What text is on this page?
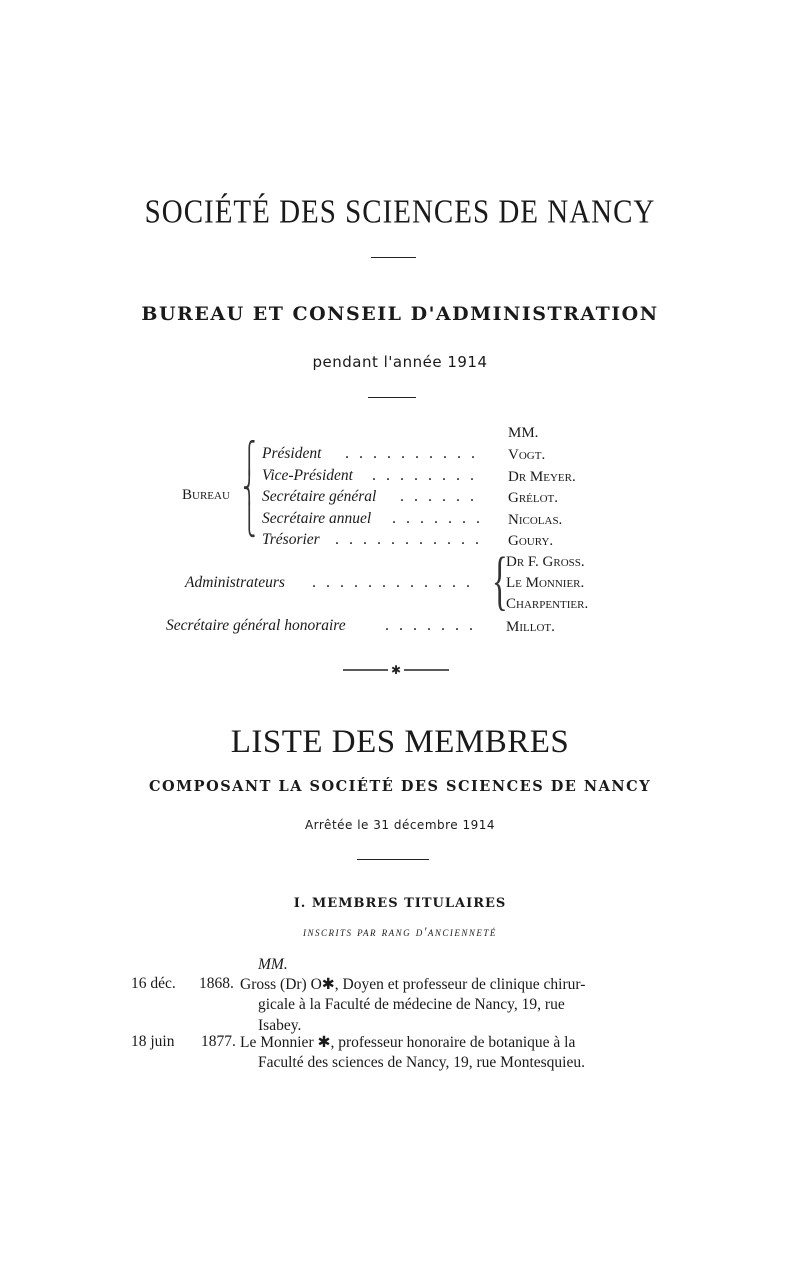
SOCIÉTÉ DES SCIENCES DE NANCY
BUREAU ET CONSEIL D'ADMINISTRATION
pendant l'année 1914
MM.
Bureau
⎧
⎨
⎩
Président . . . . . . . . . . Vogt.
Vice-Président . . . . . . . . Dr Meyer.
Secrétaire général . . . . . . Grélot.
Secrétaire annuel . . . . . . . Nicolas.
Trésorier . . . . . . . . . . . Goury.
Administrateurs . . . . . . . . . . . . {
Dr F. Gross.
Le Monnier.
Charpentier.
Secrétaire général honoraire . . . . . . . Millot.
✱
LISTE DES MEMBRES
COMPOSANT LA SOCIÉTÉ DES SCIENCES DE NANCY
Arrêtée le 31 décembre 1914
I. MEMBRES TITULAIRES
inscrits par rang d'ancienneté
MM.
16 déc. 1868. Gross (Dr) O✱, Doyen et professeur de clinique chirur-
gicale à la Faculté de médecine de Nancy, 19, rue
Isabey.
18 juin 1877. Le Monnier ✱, professeur honoraire de botanique à la
Faculté des sciences de Nancy, 19, rue Montesquieu.
